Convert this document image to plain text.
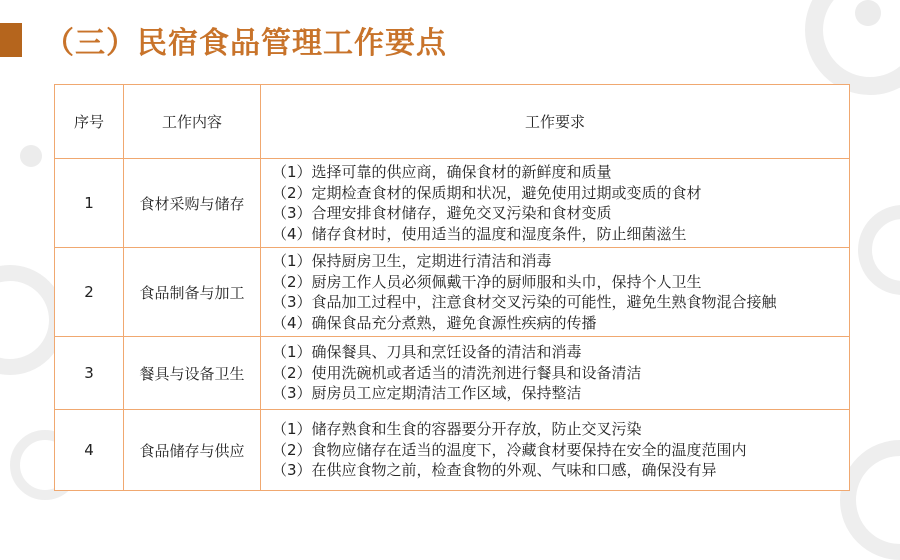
（三）民宿食品管理工作要点
序号	工作内容	工作要求
1	食材采购与储存	（1）选择可靠的供应商，确保食材的新鲜度和质量
（2）定期检查食材的保质期和状况，避免使用过期或变质的食材
（3）合理安排食材储存，避免交叉污染和食材变质
（4）储存食材时，使用适当的温度和湿度条件，防止细菌滋生

2	食品制备与加工	（1）保持厨房卫生，定期进行清洁和消毒
（2）厨房工作人员必须佩戴干净的厨师服和头巾，保持个人卫生
（3）食品加工过程中，注意食材交叉污染的可能性，避免生熟食物混合接触
（4）确保食品充分煮熟，避免食源性疾病的传播

3	餐具与设备卫生	（1）确保餐具、刀具和烹饪设备的清洁和消毒
（2）使用洗碗机或者适当的清洗剂进行餐具和设备清洁
（3）厨房员工应定期清洁工作区域，保持整洁

4	食品储存与供应	（1）储存熟食和生食的容器要分开存放，防止交叉污染
（2）食物应储存在适当的温度下，冷藏食材要保持在安全的温度范围内
（3）在供应食物之前，检查食物的外观、气味和口感，确保没有异
